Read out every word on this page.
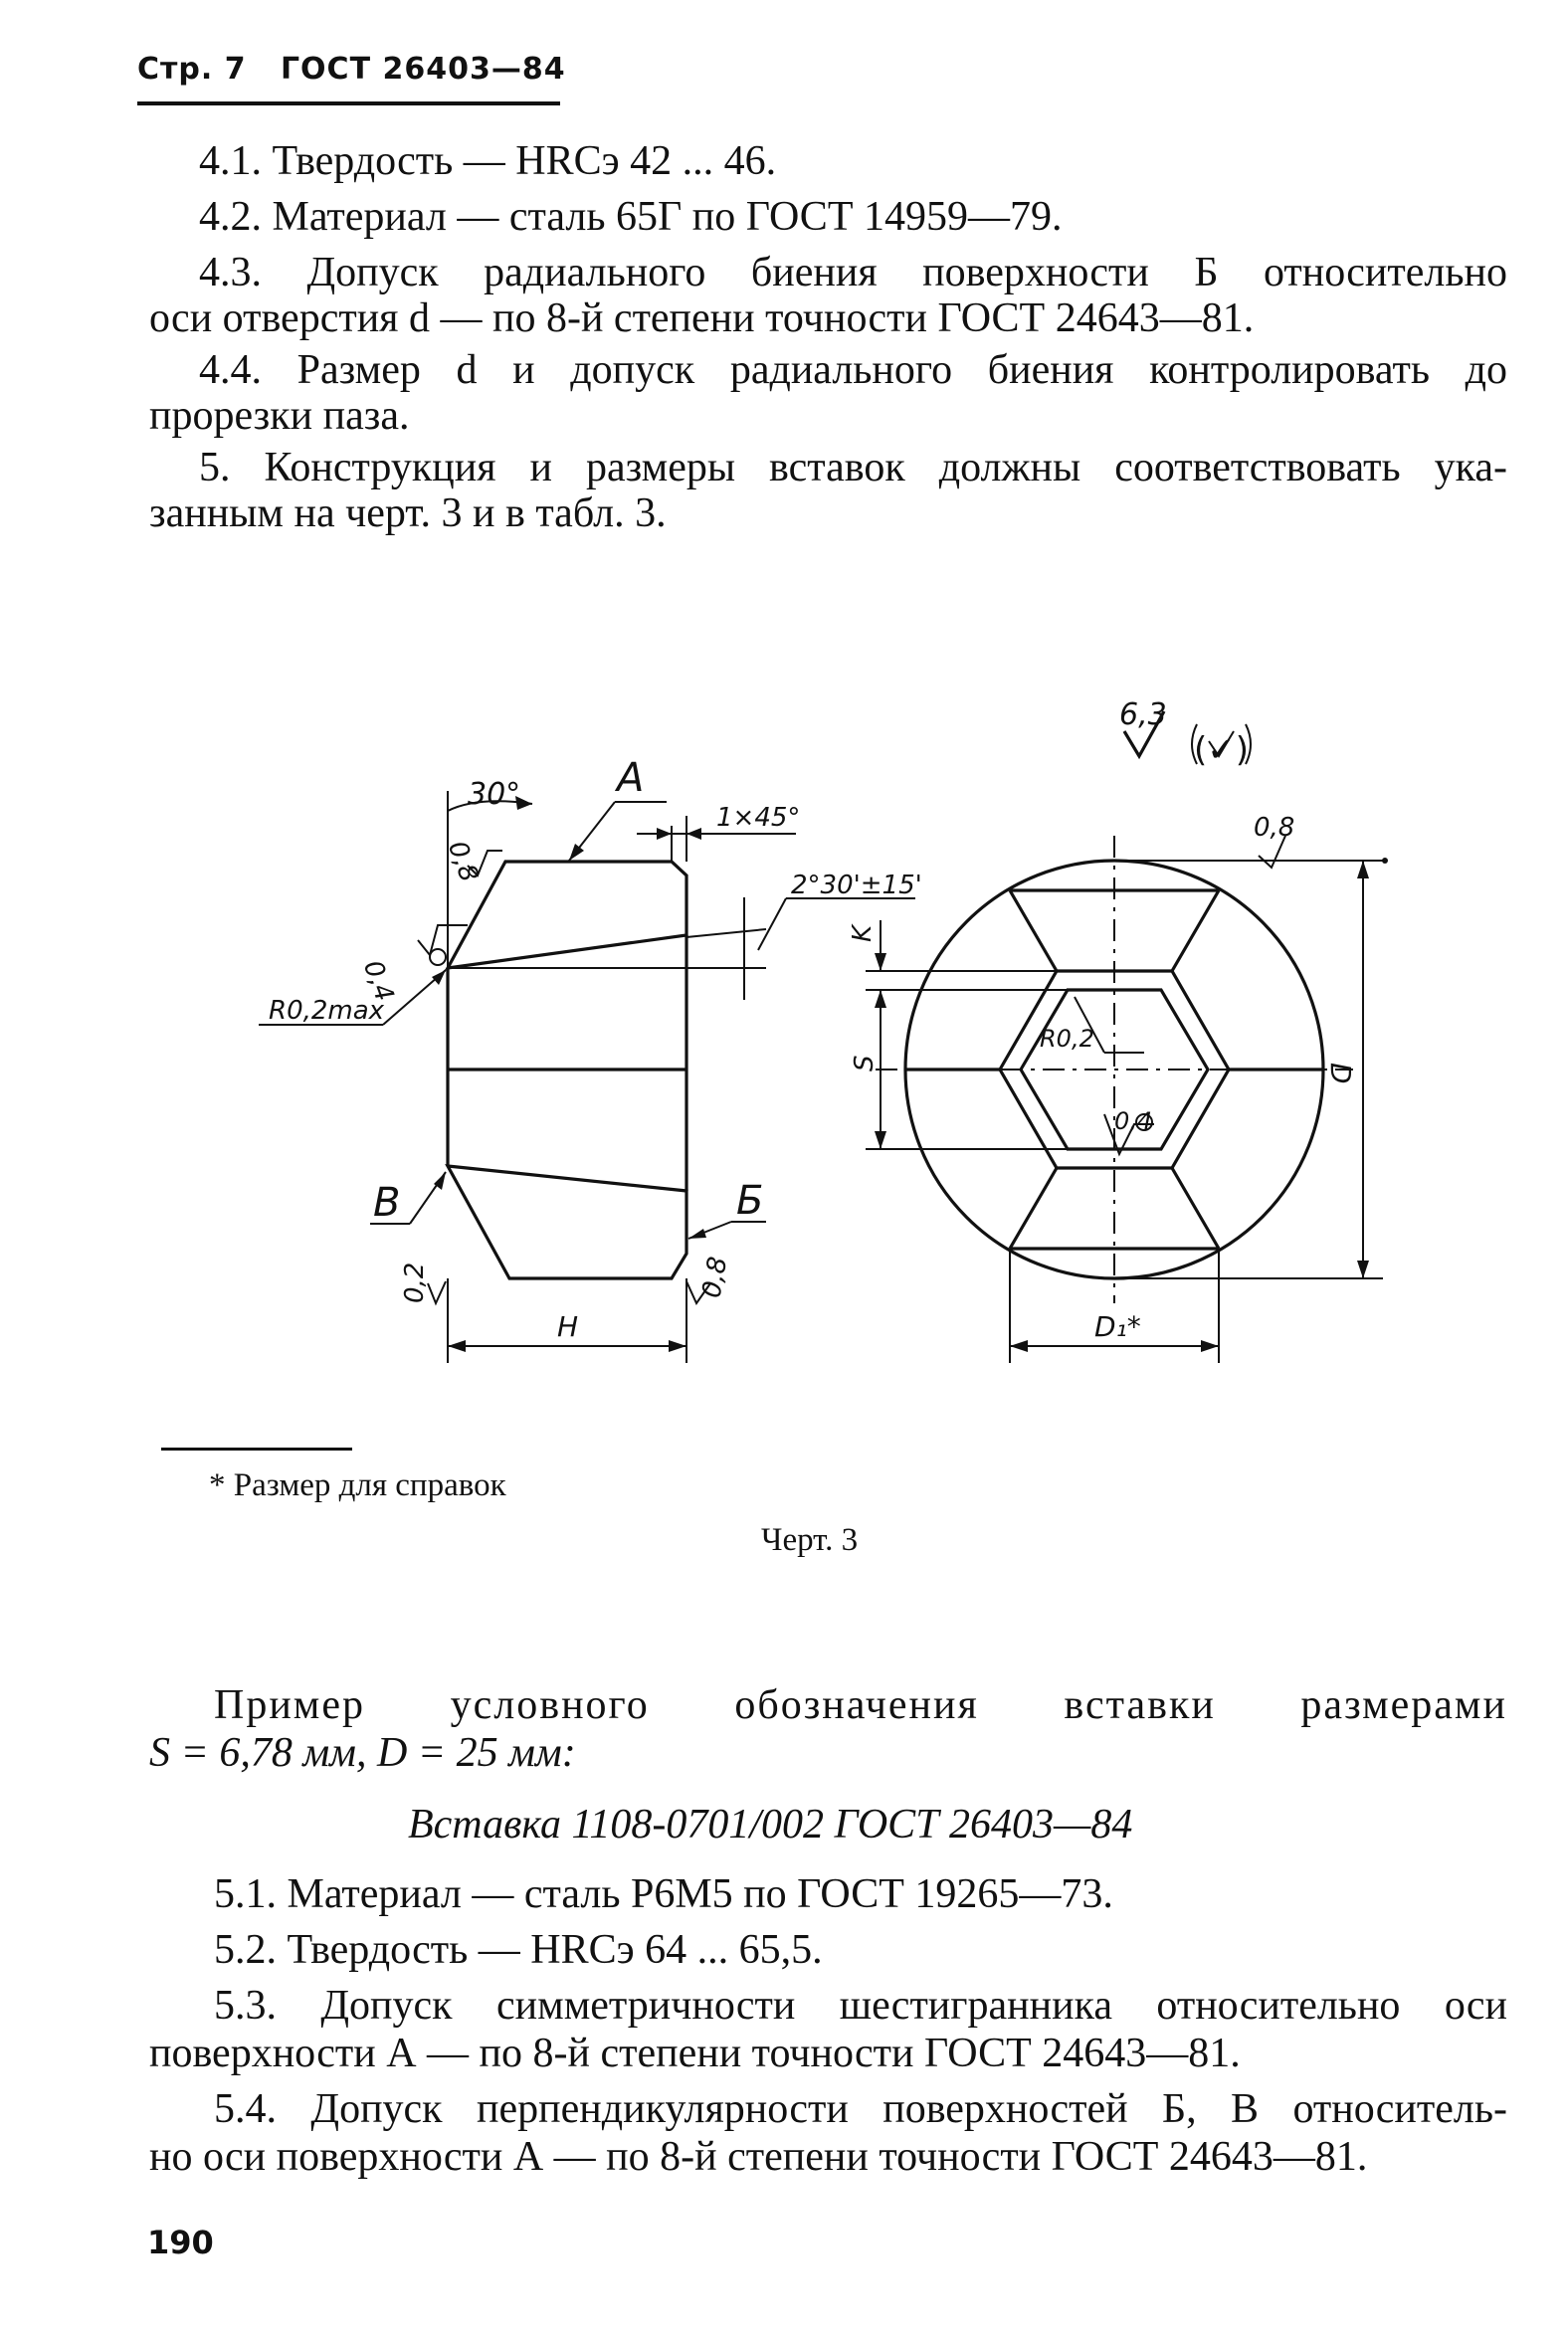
Стр. 7 ГОСТ 26403—84
4.1. Твердость — HRCэ 42 ... 46.
4.2. Материал — сталь 65Г по ГОСТ 14959—79.
4.3. Допуск радиального биения поверхности Б относительно
оси отверстия d — по 8-й степени точности ГОСТ 24643—81.
4.4. Размер d и допуск радиального биения контролировать до
прорезки паза.
5. Конструкция и размеры вставок должны соответствовать ука-
занным на черт. 3 и в табл. 3.
30° А
1×45°
0,8	2°30'±15'
0,4
R0,2max
В	Б
0,2	0,8
H
6,3
(✓)
0,8
K
S
R0,2
0,4
D
D₁*
* Размер для справок
Черт. 3
Пример условного обозначения вставки размерами
S = 6,78 мм, D = 25 мм:
Вставка 1108-0701/002 ГОСТ 26403—84
5.1. Материал — сталь Р6М5 по ГОСТ 19265—73.
5.2. Твердость — HRCэ 64 ... 65,5.
5.3. Допуск симметричности шестигранника относительно оси
поверхности А — по 8-й степени точности ГОСТ 24643—81.
5.4. Допуск перпендикулярности поверхностей Б, В относитель-
но оси поверхности А — по 8-й степени точности ГОСТ 24643—81.
190
